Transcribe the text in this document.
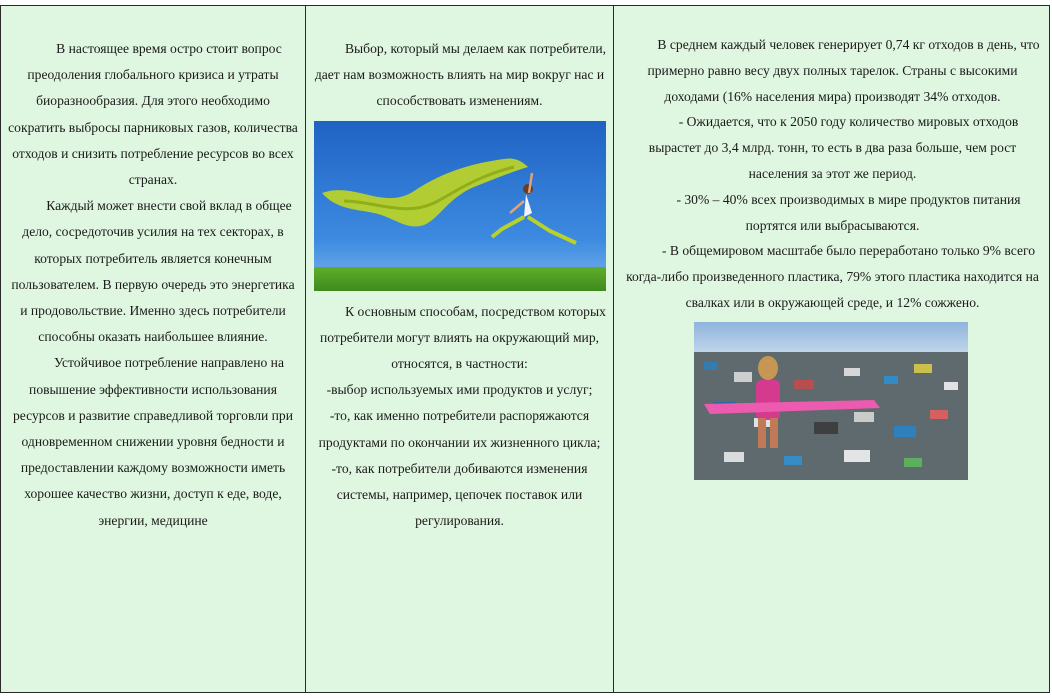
В настоящее время остро стоит вопрос преодоления глобального кризиса и утраты биоразнообразия. Для этого необходимо сократить выбросы парниковых газов, количества отходов и снизить потребление ресурсов во всех странах.

Каждый может внести свой вклад в общее дело, сосредоточив усилия на тех секторах, в которых потребитель является конечным пользователем. В первую очередь это энергетика и продовольствие. Именно здесь потребители способны оказать наибольшее влияние.

Устойчивое потребление направлено на повышение эффективности использования ресурсов и развитие справедливой торговли при одновременном снижении уровня бедности и предоставлении каждому возможности иметь хорошее качество жизни, доступ к еде, воде, энергии, медицине

Выбор, который мы делаем как потребители, дает нам возможность влиять на мир вокруг нас и способствовать изменениям.

К основным способам, посредством которых потребители могут влиять на окружающий мир, относятся, в частности:

-выбор используемых ими продуктов и услуг;

-то, как именно потребители распоряжаются продуктами по окончании их жизненного цикла;

-то, как потребители добиваются изменения системы, например, цепочек поставок или регулирования.

В среднем каждый человек генерирует 0,74 кг отходов в день, что примерно равно весу двух полных тарелок. Страны с высокими доходами (16% населения мира) производят 34% отходов.

- Ожидается, что к 2050 году количество мировых отходов вырастет до 3,4 млрд. тонн, то есть в два раза больше, чем рост населения за этот же период.

- 30% – 40% всех производимых в мире продуктов питания портятся или выбрасываются.

- В общемировом масштабе было переработано только 9% всего когда-либо произведенного пластика, 79% этого пластика находится на свалках или в окружающей среде, и 12% сожжено.
